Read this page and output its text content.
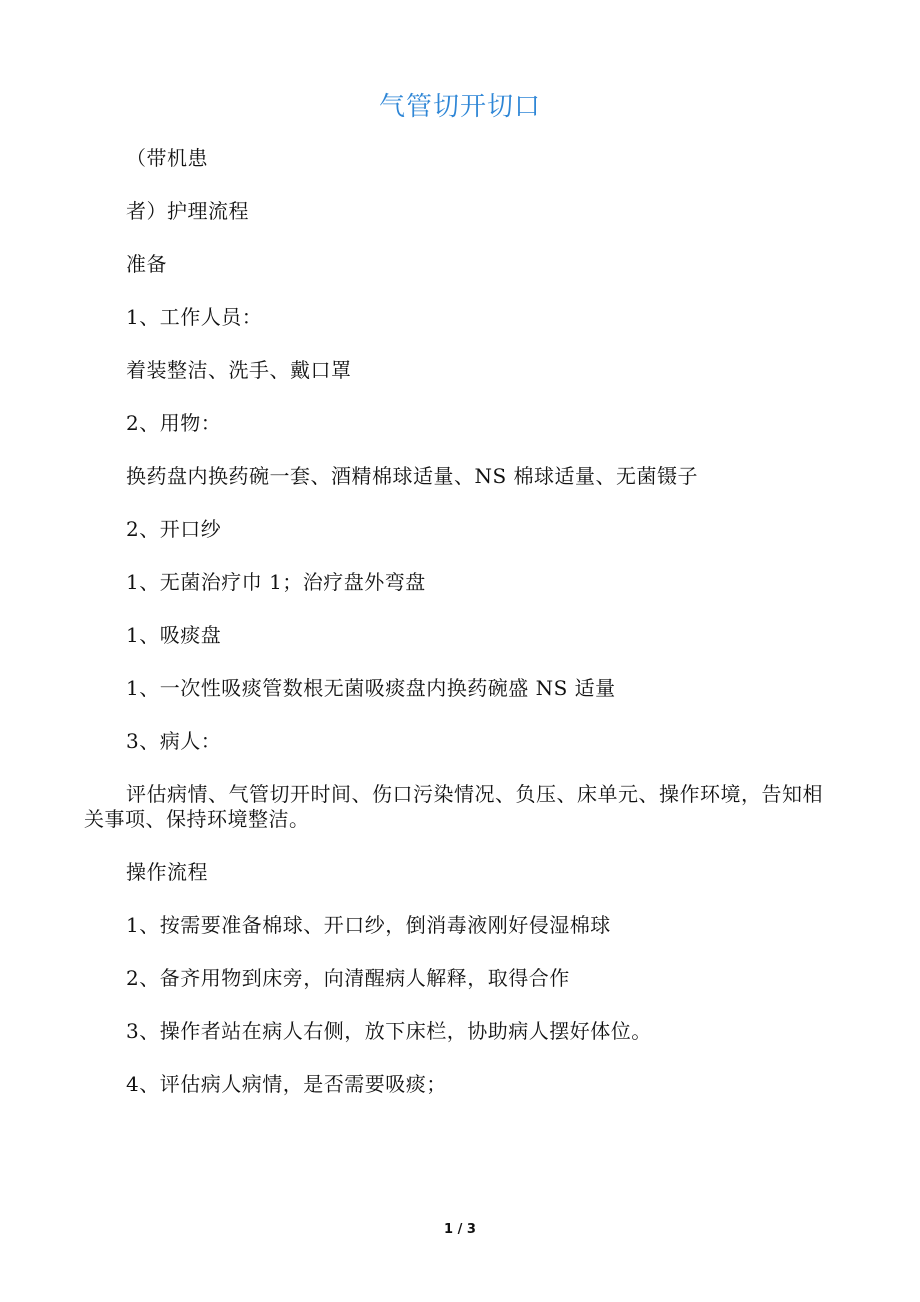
气管切开切口

（带机患

者）护理流程

准备

1、工作人员：

着装整洁、洗手、戴口罩

2、用物：

换药盘内换药碗一套、酒精棉球适量、NS 棉球适量、无菌镊子

2、开口纱

1、无菌治疗巾 1；治疗盘外弯盘

1、吸痰盘

1、一次性吸痰管数根无菌吸痰盘内换药碗盛 NS 适量

3、病人：

评估病情、气管切开时间、伤口污染情况、负压、床单元、操作环境，告知相关事项、保持环境整洁。

操作流程

1、按需要准备棉球、开口纱，倒消毒液刚好侵湿棉球

2、备齐用物到床旁，向清醒病人解释，取得合作

3、操作者站在病人右侧，放下床栏，协助病人摆好体位。

4、评估病人病情，是否需要吸痰；

1 / 3
